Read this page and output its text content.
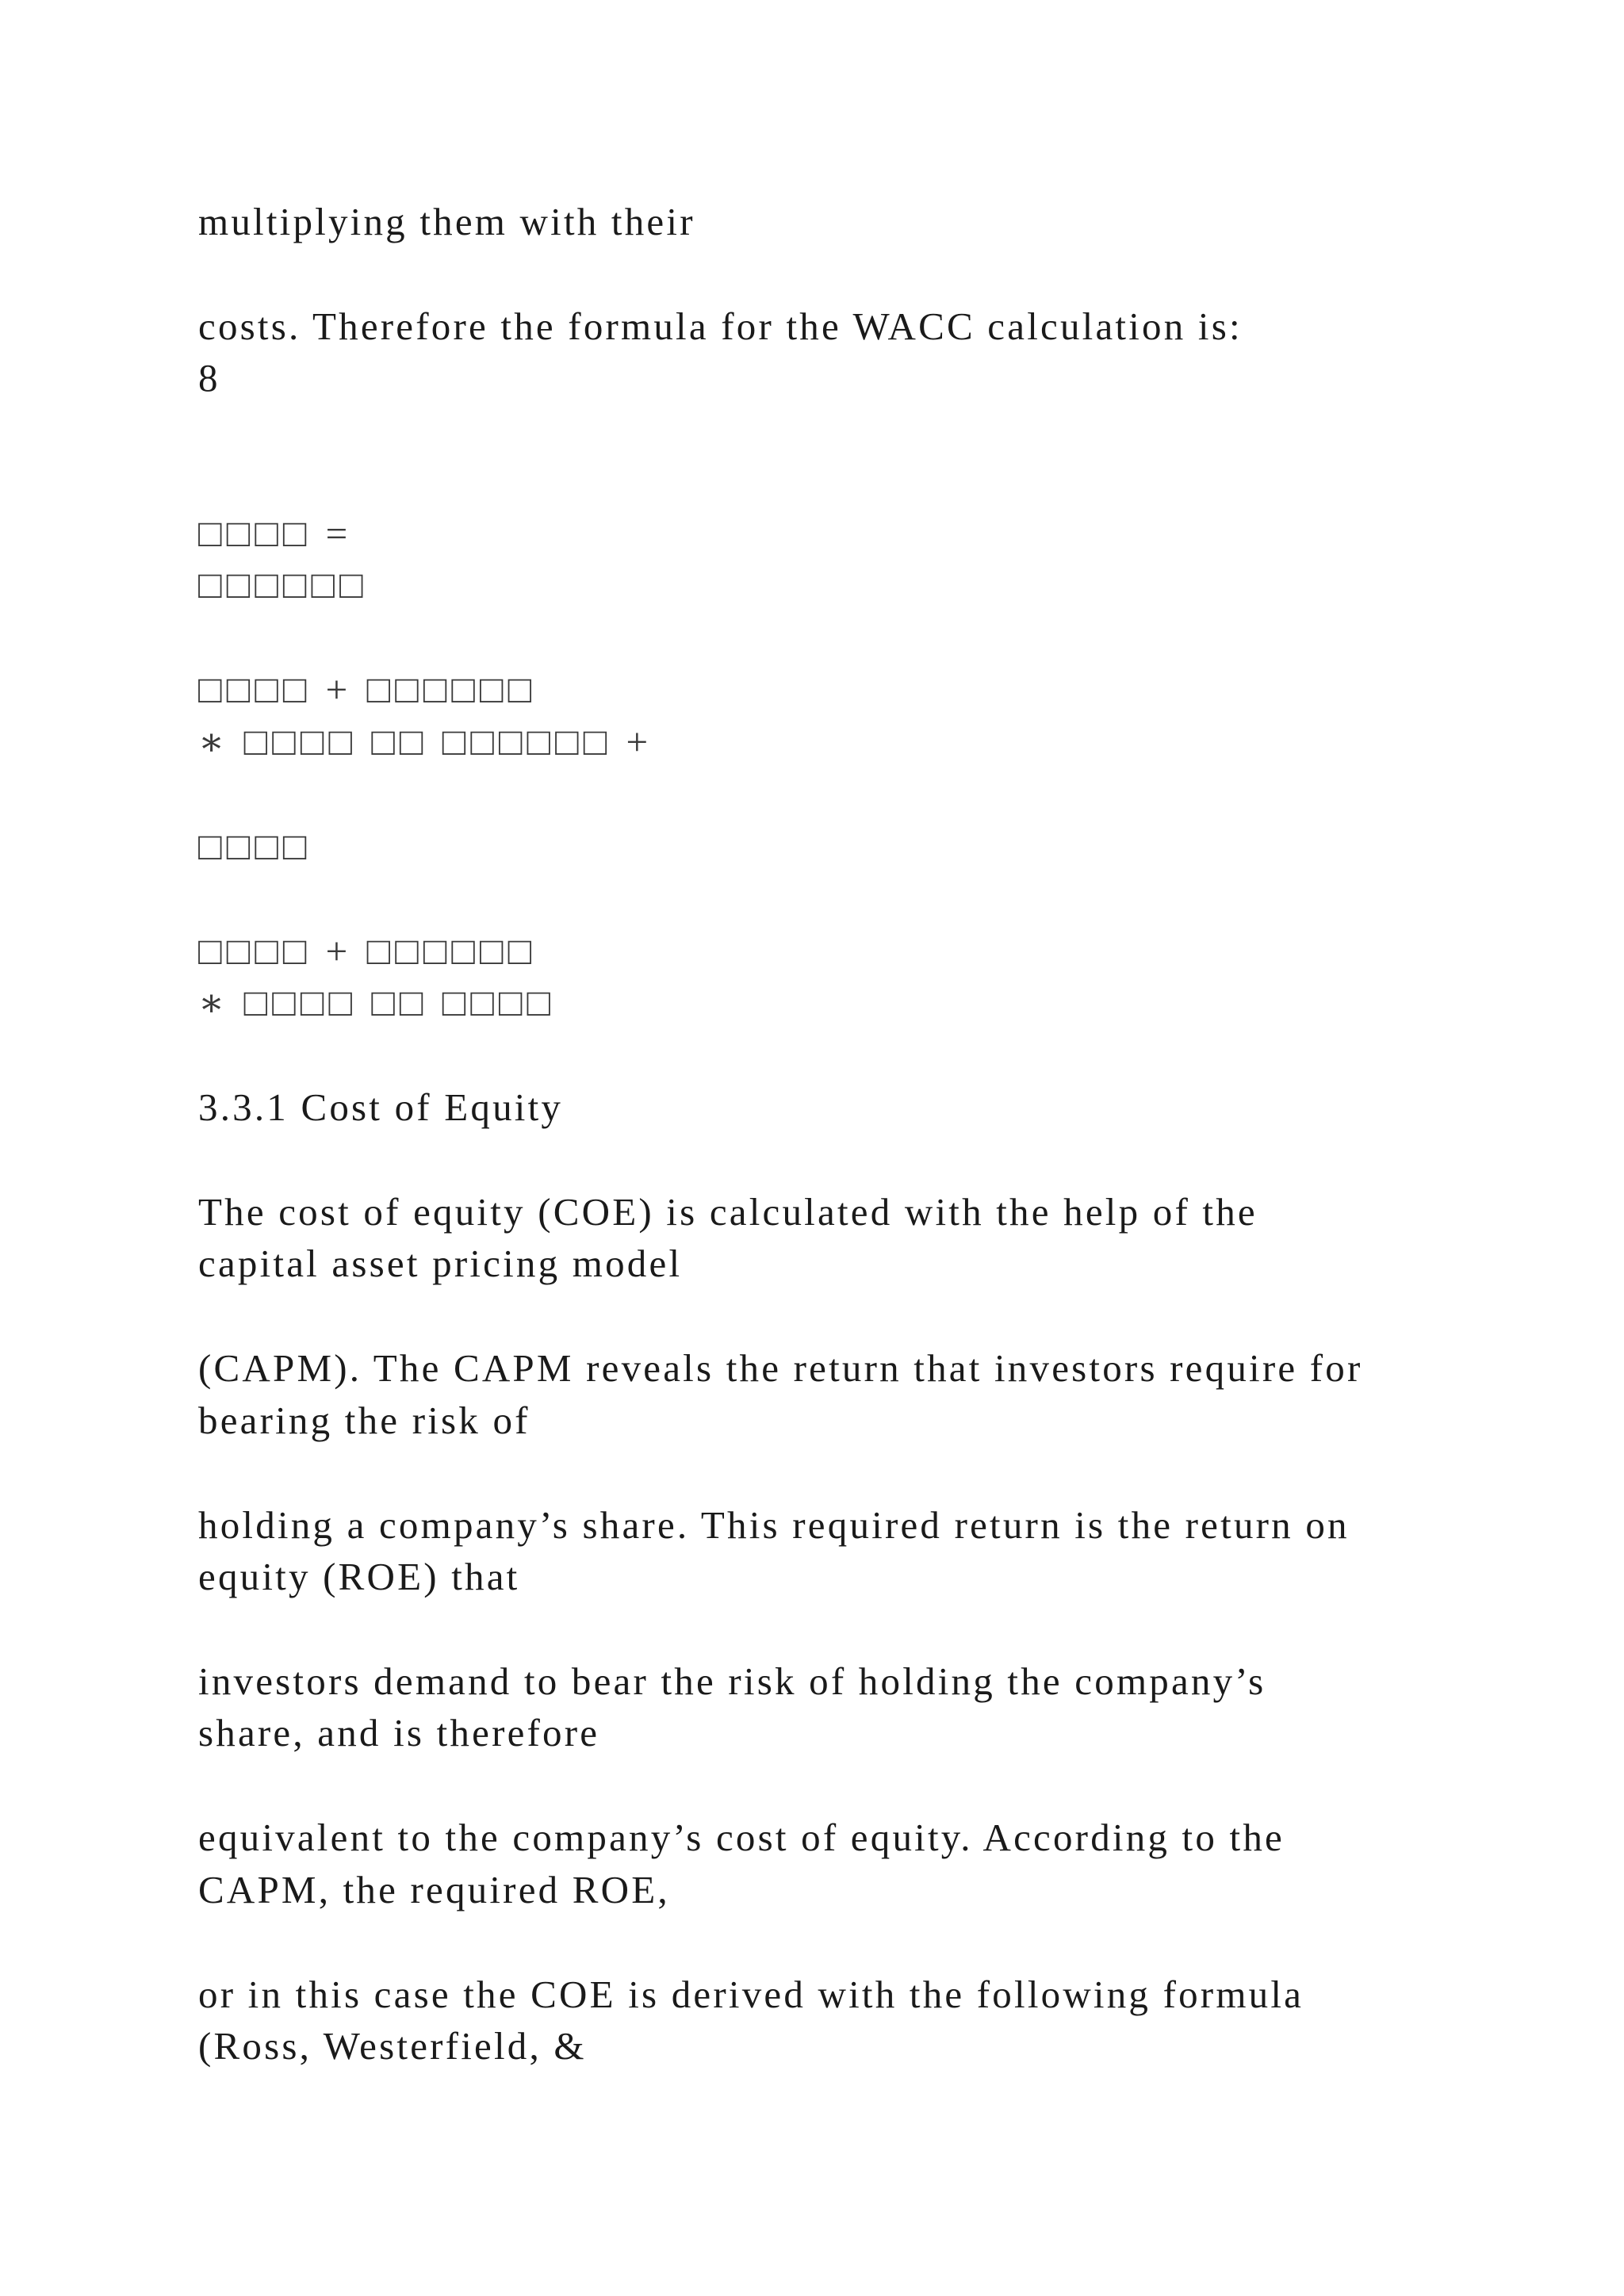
multiplying them with their
costs. Therefore the formula for the WACC calculation is:
8
□□□□ =
□□□□□□
□□□□ + □□□□□□
∗ □□□□ □□ □□□□□□ +
□□□□
□□□□ + □□□□□□
∗ □□□□ □□ □□□□
3.3.1 Cost of Equity
The cost of equity (COE) is calculated with the help of the
capital asset pricing model
(CAPM). The CAPM reveals the return that investors require for
bearing the risk of
holding a company’s share. This required return is the return on
equity (ROE) that
investors demand to bear the risk of holding the company’s
share, and is therefore
equivalent to the company’s cost of equity. According to the
CAPM, the required ROE,
or in this case the COE is derived with the following formula
(Ross, Westerfield, &
